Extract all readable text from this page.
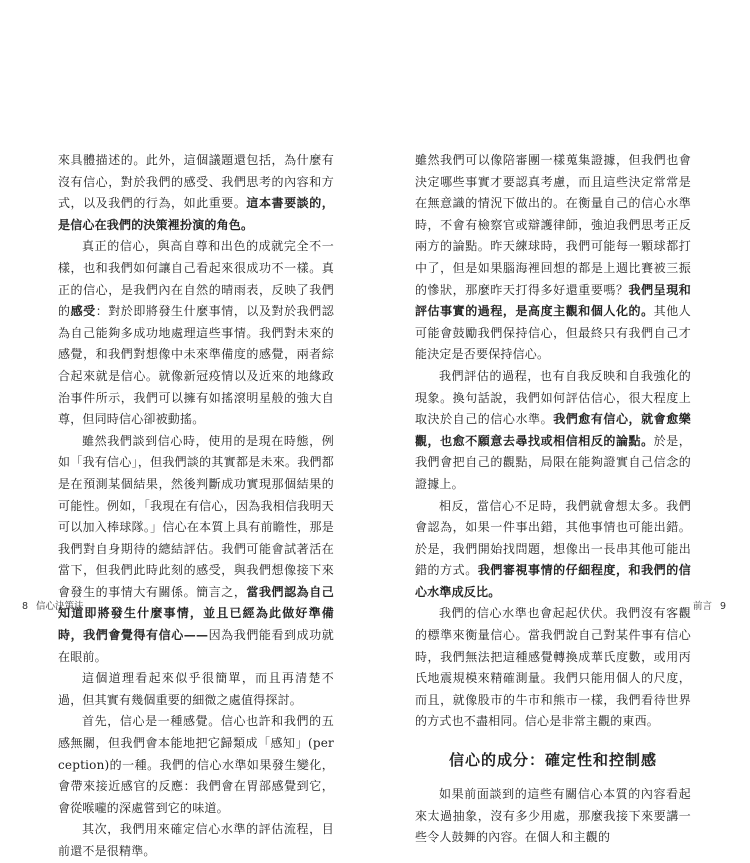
來具體描述的。此外，這個議題還包括，為什麼有沒有信心，對於我們的感受、我們思考的內容和方式，以及我們的行為，如此重要。這本書要談的，是信心在我們的決策裡扮演的角色。

真正的信心，與高自尊和出色的成就完全不一樣，也和我們如何讓自己看起來很成功不一樣。真正的信心，是我們內在自然的晴雨表，反映了我們的感受：對於即將發生什麼事情，以及對於我們認為自己能夠多成功地處理這些事情。我們對未來的感覺，和我們對想像中未來準備度的感覺，兩者綜合起來就是信心。就像新冠疫情以及近來的地緣政治事件所示，我們可以擁有如搖滾明星般的強大自尊，但同時信心卻被動搖。

雖然我們談到信心時，使用的是現在時態，例如「我有信心」，但我們談的其實都是未來。我們都是在預測某個結果，然後判斷成功實現那個結果的可能性。例如，「我現在有信心，因為我相信我明天可以加入棒球隊。」信心在本質上具有前瞻性，那是我們對自身期待的總結評估。我們可能會試著活在當下，但我們此時此刻的感受，與我們想像接下來會發生的事情大有關係。簡言之，當我們認為自己知道即將發生什麼事情，並且已經為此做好準備時，我們會覺得有信心——因為我們能看到成功就在眼前。

這個道理看起來似乎很簡單，而且再清楚不過，但其實有幾個重要的細微之處值得探討。

首先，信心是一種感覺。信心也許和我們的五感無關，但我們會本能地把它歸類成「感知」(perception)的一種。我們的信心水準如果發生變化，會帶來接近感官的反應：我們會在胃部感覺到它，會從喉嚨的深處嘗到它的味道。

其次，我們用來確定信心水準的評估流程，目前還不是很精準。

雖然我們可以像陪審團一樣蒐集證據，但我們也會決定哪些事實才要認真考慮，而且這些決定常常是在無意識的情況下做出的。在衡量自己的信心水準時，不會有檢察官或辯護律師，強迫我們思考正反兩方的論點。昨天練球時，我們可能每一顆球都打中了，但是如果腦海裡回想的都是上週比賽被三振的慘狀，那麼昨天打得多好還重要嗎？我們呈現和評估事實的過程，是高度主觀和個人化的。其他人可能會鼓勵我們保持信心，但最終只有我們自己才能決定是否要保持信心。

我們評估的過程，也有自我反映和自我強化的現象。換句話說，我們如何評估信心，很大程度上取決於自己的信心水準。我們愈有信心，就會愈樂觀，也愈不願意去尋找或相信相反的論點。於是，我們會把自己的觀點，局限在能夠證實自己信念的證據上。

相反，當信心不足時，我們就會想太多。我們會認為，如果一件事出錯，其他事情也可能出錯。於是，我們開始找問題，想像出一長串其他可能出錯的方式。我們審視事情的仔細程度，和我們的信心水準成反比。

我們的信心水準也會起起伏伏。我們沒有客觀的標準來衡量信心。當我們說自己對某件事有信心時，我們無法把這種感覺轉換成華氏度數，或用丙氏地震規模來精確測量。我們只能用個人的尺度，而且，就像股市的牛市和熊市一樣，我們看待世界的方式也不盡相同。信心是非常主觀的東西。

信心的成分：確定性和控制感

如果前面談到的這些有關信心本質的內容看起來太過抽象，沒有多少用處，那麼我接下來要講一些令人鼓舞的內容。在個人和主觀的

8 信心決策法	前言 9
